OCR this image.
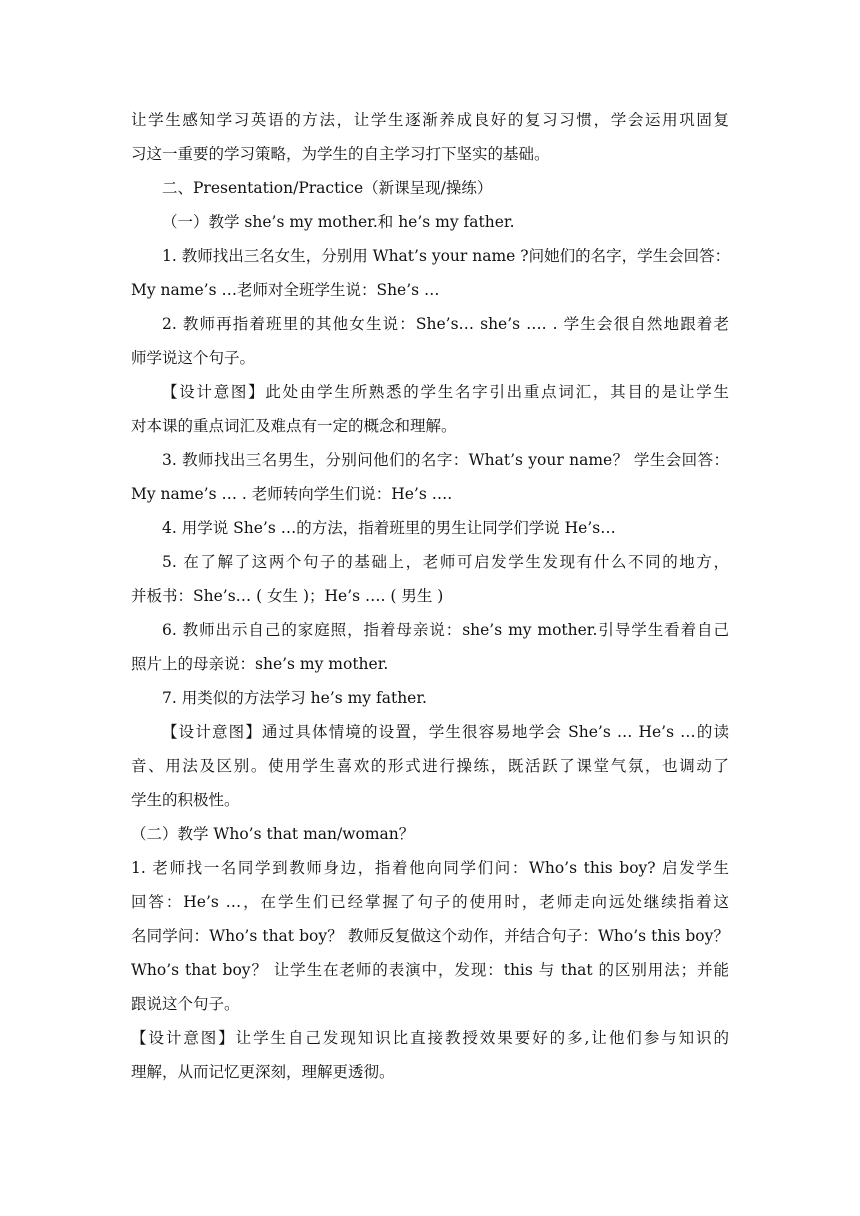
让学生感知学习英语的方法，让学生逐渐养成良好的复习习惯，学会运用巩固复
习这一重要的学习策略，为学生的自主学习打下坚实的基础。
二、Presentation/Practice（新课呈现/操练）
（一）教学 she’s my mother.和 he’s my father.
1. 教师找出三名女生，分别用 What’s your name ?问她们的名字，学生会回答：
My name’s …老师对全班学生说：She’s …
2. 教师再指着班里的其他女生说：She’s… she’s …. . 学生会很自然地跟着老
师学说这个句子。
【设计意图】此处由学生所熟悉的学生名字引出重点词汇，其目的是让学生
对本课的重点词汇及难点有一定的概念和理解。
3. 教师找出三名男生，分别问他们的名字：What’s your name？ 学生会回答：
My name’s … . 老师转向学生们说：He’s ….
4. 用学说 She’s …的方法，指着班里的男生让同学们学说 He’s…
5. 在了解了这两个句子的基础上，老师可启发学生发现有什么不同的地方，
并板书：She’s… ( 女生 )；He’s …. ( 男生 )
6. 教师出示自己的家庭照，指着母亲说：she’s my mother.引导学生看着自己
照片上的母亲说：she’s my mother.
7. 用类似的方法学习 he’s my father.
【设计意图】通过具体情境的设置，学生很容易地学会 She’s … He’s …的读
音、用法及区别。使用学生喜欢的形式进行操练，既活跃了课堂气氛，也调动了
学生的积极性。
（二）教学 Who’s that man/woman？
1. 老师找一名同学到教师身边，指着他向同学们问：Who’s this boy? 启发学生
回答：He’s …，在学生们已经掌握了句子的使用时，老师走向远处继续指着这
名同学问：Who’s that boy？ 教师反复做这个动作，并结合句子：Who’s this boy？
Who’s that boy？ 让学生在老师的表演中，发现：this 与 that 的区别用法；并能
跟说这个句子。
【设计意图】让学生自己发现知识比直接教授效果要好的多,让他们参与知识的
理解，从而记忆更深刻，理解更透彻。
